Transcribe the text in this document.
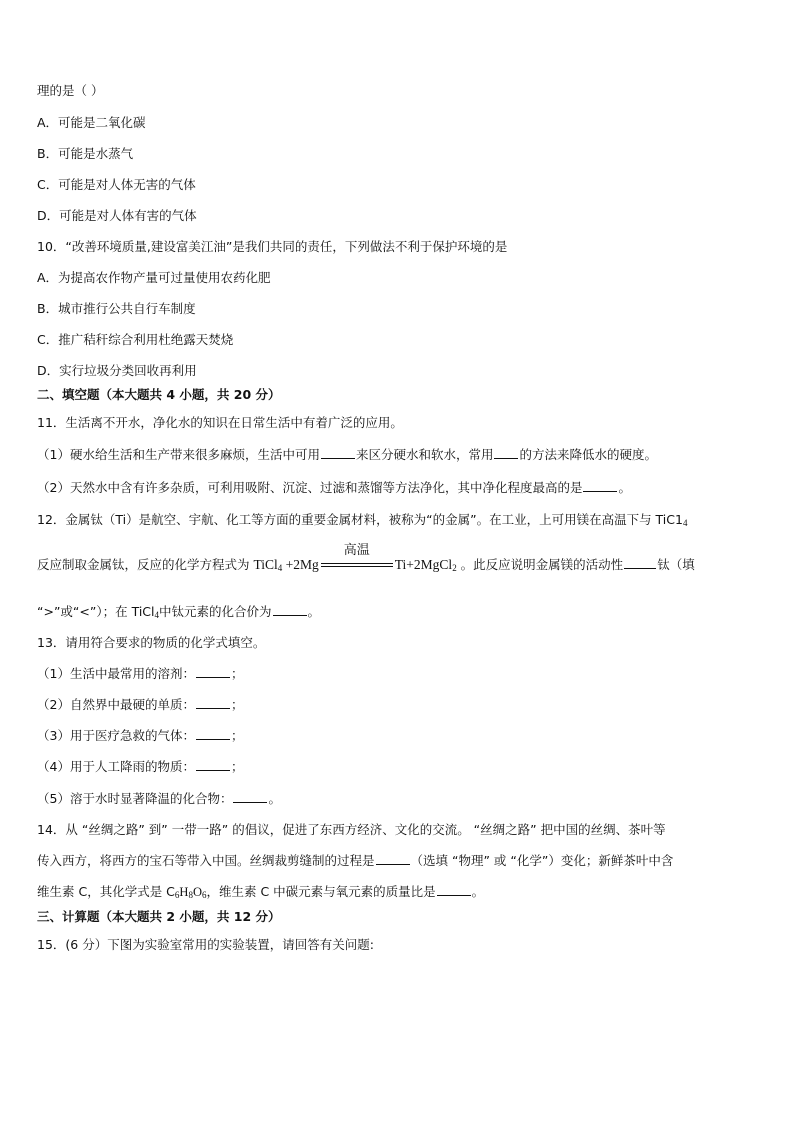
理的是（ ）
A．可能是二氧化碳
B．可能是水蒸气
C．可能是对人体无害的气体
D．可能是对人体有害的气体
10．“改善环境质量,建设富美江油”是我们共同的责任，下列做法不利于保护环境的是
A．为提高农作物产量可过量使用农药化肥
B．城市推行公共自行车制度
C．推广秸秆综合利用杜绝露天焚烧
D．实行垃圾分类回收再利用
二、填空题（本大题共 4 小题，共 20 分）
11．生活离不开水，净化水的知识在日常生活中有着广泛的应用。
（1）硬水给生活和生产带来很多麻烦，生活中可用	来区分硬水和软水，常用 的方法来降低水的硬度。
（2）天然水中含有许多杂质，可利用吸附、沉淀、过滤和蒸馏等方法净化，其中净化程度最高的是	。
12．金属钛（Ti）是航空、宇航、化工等方面的重要金属材料，被称为“的金属”。在工业，上可用镁在高温下与 $TiC1_4$
反应制取金属钛，反应的化学方程式为 TiCl$_4$ +2Mg
高温
Ti+2MgCl$_2$ 。此反应说明金属镁的活动性	钛（填
“>”或“<”）；在 TiCl$_4$中钛元素的化合价为	。
13．请用符合要求的物质的化学式填空。
（1）生活中最常用的溶剂：	；
（2）自然界中最硬的单质：	；
（3）用于医疗急救的气体：	；
（4）用于人工降雨的物质：	；
（5）溶于水时显著降温的化合物：	。
14．从 “丝绸之路” 到” 一带一路” 的倡议，促进了东西方经济、文化的交流。 “丝绸之路” 把中国的丝绸、茶叶等
传入西方，将西方的宝石等带入中国。丝绸裁剪缝制的过程是	（选填 “物理” 或 “化学”）变化；新鲜茶叶中含
维生素 C，其化学式是 $C_6H_8O_6$，维生素 C 中碳元素与氧元素的质量比是	。
三、计算题（本大题共 2 小题，共 12 分）
15．(6 分）下图为实验室常用的实验装置，请回答有关问题:
